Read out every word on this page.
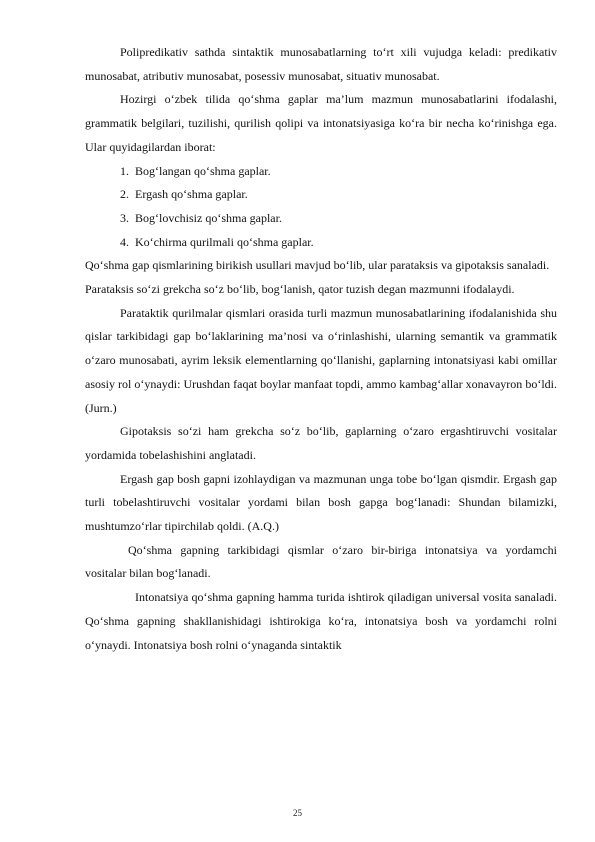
Polipredikativ sathda sintaktik munosabatlarning to‘rt xili vujudga keladi: predikativ munosabat, atributiv munosabat, posessiv munosabat, situativ munosabat.

Hozirgi o‘zbek tilida qo‘shma gaplar ma’lum mazmun munosabatlarini ifodalashi, grammatik belgilari, tuzilishi, qurilish qolipi va intonatsiyasiga ko‘ra bir necha ko‘rinishga ega. Ular quyidagilardan iborat:

1. Bog‘langan qo‘shma gaplar.

2. Ergash qo‘shma gaplar.

3. Bog‘lovchisiz qo‘shma gaplar.

4. Ko‘chirma qurilmali qo‘shma gaplar.

Qo‘shma gap qismlarining birikish usullari mavjud bo‘lib, ular parataksis va gipotaksis sanaladi.

Parataksis so‘zi grekcha so‘z bo‘lib, bog‘lanish, qator tuzish degan mazmunni ifodalaydi.

Parataktik qurilmalar qismlari orasida turli mazmun munosabatlarining ifodalanishida shu qislar tarkibidagi gap bo‘laklarining ma’nosi va o‘rinlashishi, ularning semantik va grammatik o‘zaro munosabati, ayrim leksik elementlarning qo‘llanishi, gaplarning intonatsiyasi kabi omillar asosiy rol o‘ynaydi: Urushdan faqat boylar manfaat topdi, ammo kambag‘allar xonavayron bo‘ldi. (Jurn.)

Gipotaksis so‘zi ham grekcha so‘z bo‘lib, gaplarning o‘zaro ergashtiruvchi vositalar yordamida tobelashishini anglatadi.

Ergash gap bosh gapni izohlaydigan va mazmunan unga tobe bo‘lgan qismdir. Ergash gap turli tobelashtiruvchi vositalar yordami bilan bosh gapga bog‘lanadi: Shundan bilamizki, mushtumzo‘rlar tipirchilab qoldi. (A.Q.)

Qo‘shma gapning tarkibidagi qismlar o‘zaro bir-biriga intonatsiya va yordamchi vositalar bilan bog‘lanadi.

Intonatsiya qo‘shma gapning hamma turida ishtirok qiladigan universal vosita sanaladi. Qo‘shma gapning shakllanishidagi ishtirokiga ko‘ra, intonatsiya bosh va yordamchi rolni o‘ynaydi. Intonatsiya bosh rolni o‘ynaganda sintaktik

25
